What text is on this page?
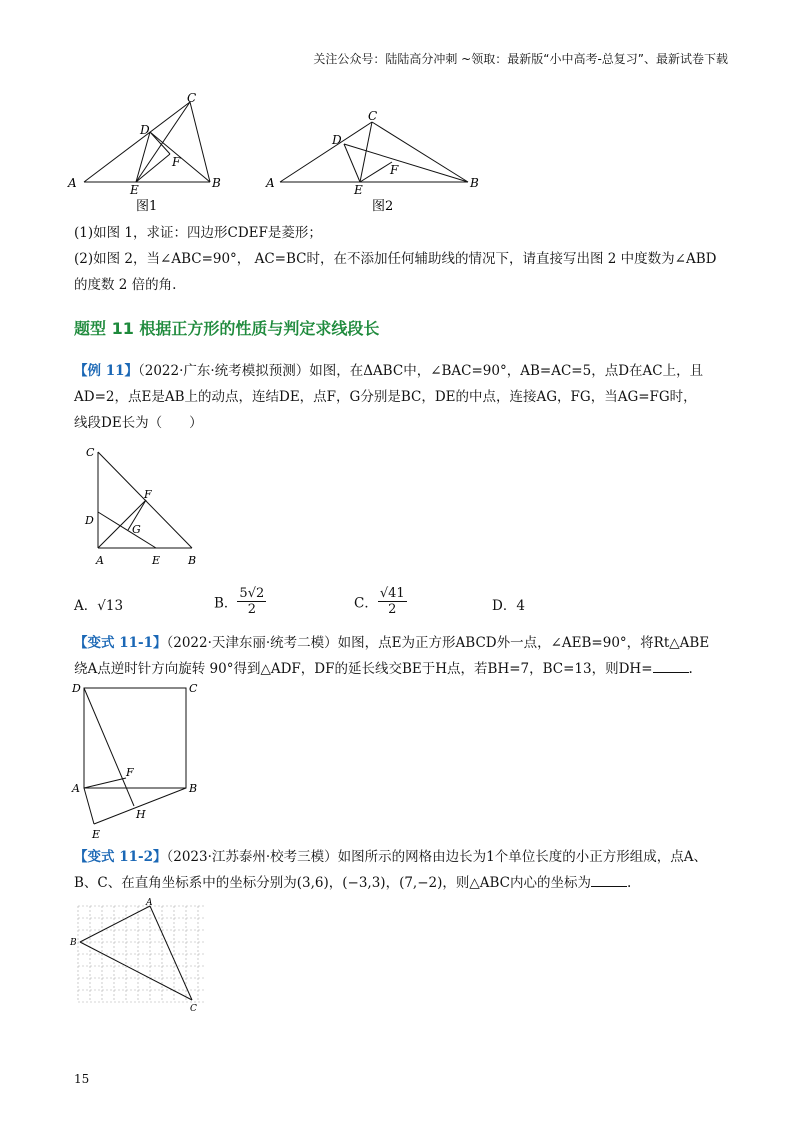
关注公众号：陆陆高分冲刺 ~领取：最新版“小中高考-总复习”、最新试卷下载
A	B
C
D
E
F
图1
A	B
C
D
E
F
图2
(1)如图 1，求证：四边形CDEF是菱形；
(2)如图 2，当∠ABC=90°， AC=BC时，在不添加任何辅助线的情况下，请直接写出图 2 中度数为∠ABD
的度数 2 倍的角.
题型 11 根据正方形的性质与判定求线段长
【例 11】（2022·广东·统考模拟预测）如图，在ΔABC中，∠BAC=90°，AB=AC=5，点D在AC上，且
AD=2，点E是AB上的动点，连结DE，点F，G分别是BC，DE的中点，连接AG，FG，当AG=FG时，
线段DE长为（　　）
C
F
D
G
A	E	B
A．√13	B． $\frac{5√2}{2}$	C． $\frac{√41}{2}$	D．4
【变式 11-1】（2022·天津东丽·统考二模）如图，点E为正方形ABCD外一点，∠AEB=90°，将Rt△ABE
绕A点逆时针方向旋转 90°得到△ADF，DF的延长线交BE于H点，若BH=7，BC=13，则DH=	.
D	C
A	B
F
H
E
【变式 11-2】（2023·江苏泰州·校考三模）如图所示的网格由边长为1个单位长度的小正方形组成，点A、
B、C、在直角坐标系中的坐标分别为(3,6)，(−3,3)，(7,−2)，则△ABC内心的坐标为	.
A
B
C
15
